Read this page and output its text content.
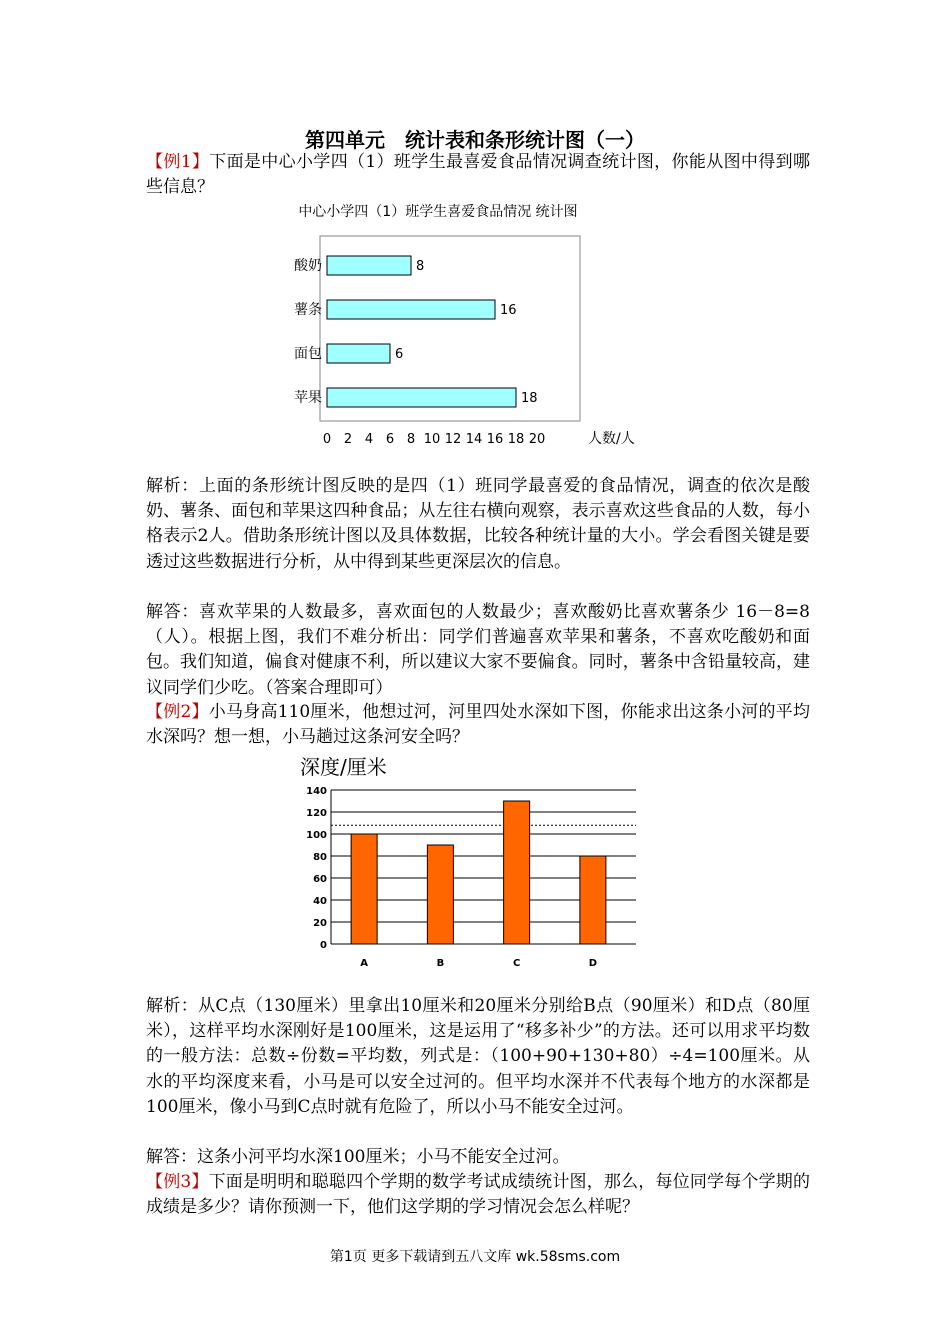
第四单元　统计表和条形统计图（一）

【例1】下面是中心小学四（1）班学生最喜爱食品情况调查统计图，你能从图中得到哪些信息？

中心小学四（1）班学生喜爱食品情况 统计图
酸奶	8
薯条	16
面包	6
苹果	18
0 2 4 6 8 10 12 14 16 18 20	人数/人

解析：上面的条形统计图反映的是四（1）班同学最喜爱的食品情况，调查的依次是酸奶、薯条、面包和苹果这四种食品；从左往右横向观察，表示喜欢这些食品的人数，每小格表示2人。借助条形统计图以及具体数据，比较各种统计量的大小。学会看图关键是要透过这些数据进行分析，从中得到某些更深层次的信息。

解答：喜欢苹果的人数最多，喜欢面包的人数最少；喜欢酸奶比喜欢薯条少 16－8=8（人）。根据上图，我们不难分析出：同学们普遍喜欢苹果和薯条，不喜欢吃酸奶和面包。我们知道，偏食对健康不利，所以建议大家不要偏食。同时，薯条中含铅量较高，建议同学们少吃。（答案合理即可）

【例2】小马身高110厘米，他想过河，河里四处水深如下图，你能求出这条小河的平均水深吗？想一想，小马趟过这条河安全吗？

深度/厘米
0
20
40
60
80
100
120
140
A	B	C	D

解析：从C点（130厘米）里拿出10厘米和20厘米分别给B点（90厘米）和D点（80厘米），这样平均水深刚好是100厘米，这是运用了“移多补少”的方法。还可以用求平均数的一般方法：总数÷份数=平均数，列式是：（100+90+130+80）÷4=100厘米。从水的平均深度来看，小马是可以安全过河的。但平均水深并不代表每个地方的水深都是100厘米，像小马到C点时就有危险了，所以小马不能安全过河。

解答：这条小河平均水深100厘米；小马不能安全过河。

【例3】下面是明明和聪聪四个学期的数学考试成绩统计图，那么，每位同学每个学期的成绩是多少？请你预测一下，他们这学期的学习情况会怎么样呢？

第1页 更多下载请到五八文库 wk.58sms.com
